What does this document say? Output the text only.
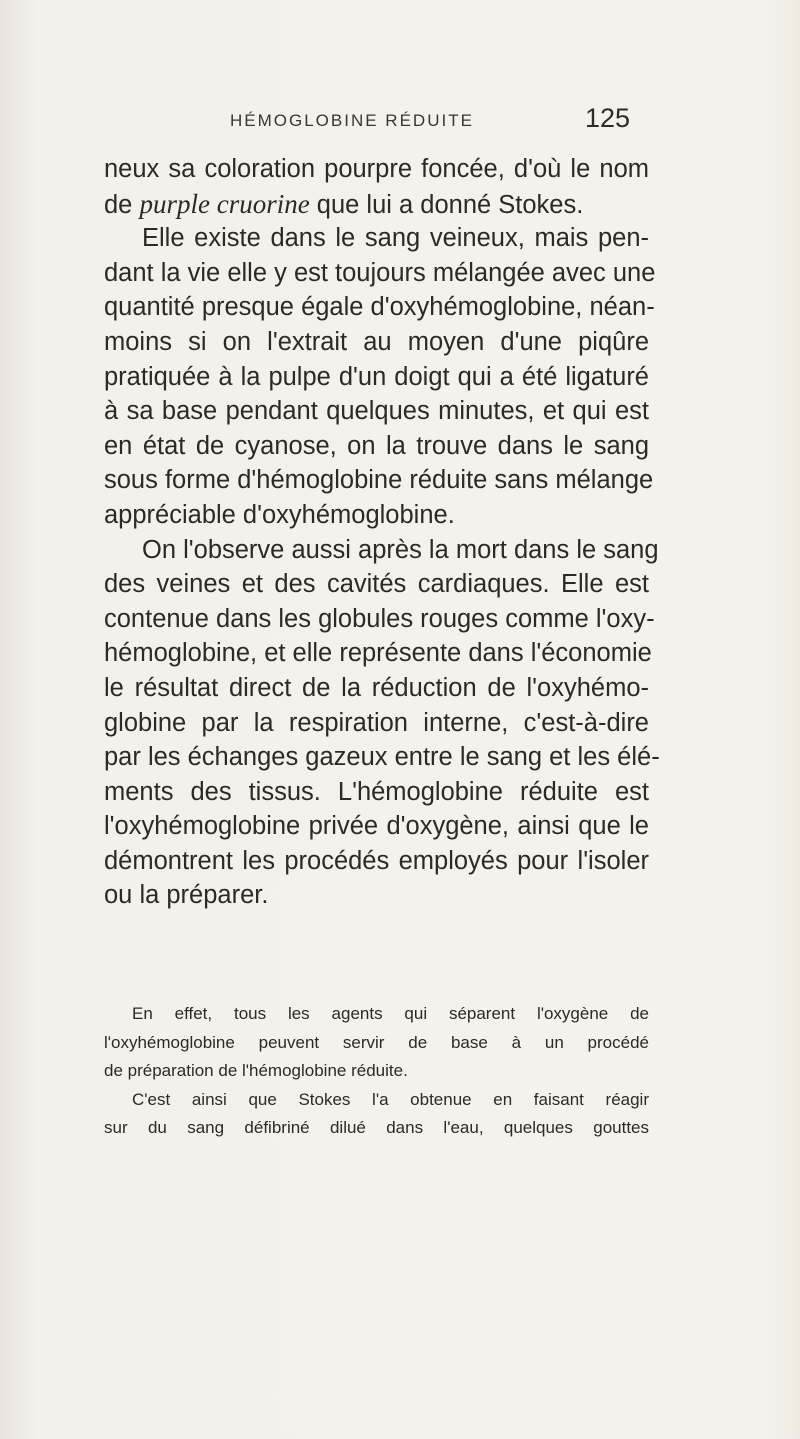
HÉMOGLOBINE RÉDUITE	125
neux sa coloration pourpre foncée, d'où le nom
de purple cruorine que lui a donné Stokes.
Elle existe dans le sang veineux, mais pen-
dant la vie elle y est toujours mélangée avec une
quantité presque égale d'oxyhémoglobine, néan-
moins si on l'extrait au moyen d'une piqûre
pratiquée à la pulpe d'un doigt qui a été ligaturé
à sa base pendant quelques minutes, et qui est
en état de cyanose, on la trouve dans le sang
sous forme d'hémoglobine réduite sans mélange
appréciable d'oxyhémoglobine.
On l'observe aussi après la mort dans le sang
des veines et des cavités cardiaques. Elle est
contenue dans les globules rouges comme l'oxy-
hémoglobine, et elle représente dans l'économie
le résultat direct de la réduction de l'oxyhémo-
globine par la respiration interne, c'est-à-dire
par les échanges gazeux entre le sang et les élé-
ments des tissus. L'hémoglobine réduite est
l'oxyhémoglobine privée d'oxygène, ainsi que le
démontrent les procédés employés pour l'isoler
ou la préparer.
En effet, tous les agents qui séparent l'oxygène de
l'oxyhémoglobine peuvent servir de base à un procédé
de préparation de l'hémoglobine réduite.
C'est ainsi que Stokes l'a obtenue en faisant réagir
sur du sang défibriné dilué dans l'eau, quelques gouttes
